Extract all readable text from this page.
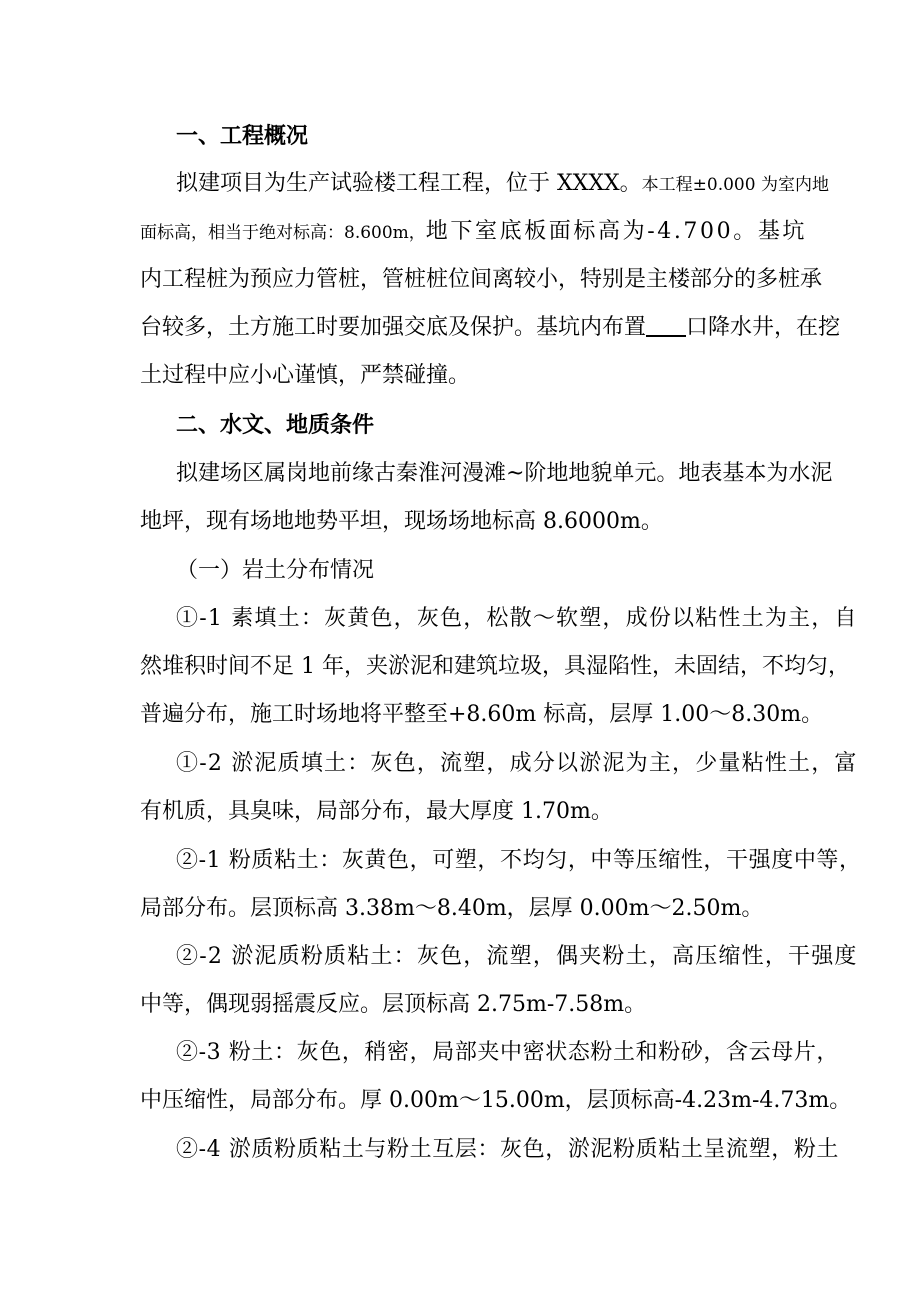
一、工程概况
拟建项目为生产试验楼工程工程，位于 XXXX。本工程±0.000 为室内地
面标高，相当于绝对标高：8.600m，地下室底板面标高为-4.700。基坑
内工程桩为预应力管桩，管桩桩位间离较小，特别是主楼部分的多桩承
台较多，土方施工时要加强交底及保护。基坑内布置 口降水井，在挖
土过程中应小心谨慎，严禁碰撞。
二、水文、地质条件
拟建场区属岗地前缘古秦淮河漫滩~阶地地貌单元。地表基本为水泥
地坪，现有场地地势平坦，现场场地标高 8.6000m。
（一）岩土分布情况
①-1 素填土：灰黄色，灰色，松散～软塑，成份以粘性土为主，自
然堆积时间不足 1 年，夹淤泥和建筑垃圾，具湿陷性，未固结，不均匀，
普遍分布，施工时场地将平整至+8.60m 标高，层厚 1.00～8.30m。
①-2 淤泥质填土：灰色，流塑，成分以淤泥为主，少量粘性土，富
有机质，具臭味，局部分布，最大厚度 1.70m。
②-1 粉质粘土：灰黄色，可塑，不均匀，中等压缩性，干强度中等，
局部分布。层顶标高 3.38m～8.40m，层厚 0.00m～2.50m。
②-2 淤泥质粉质粘土：灰色，流塑，偶夹粉土，高压缩性，干强度
中等，偶现弱摇震反应。层顶标高 2.75m-7.58m。
②-3 粉土：灰色，稍密，局部夹中密状态粉土和粉砂，含云母片，
中压缩性，局部分布。厚 0.00m～15.00m，层顶标高-4.23m-4.73m。
②-4 淤质粉质粘土与粉土互层：灰色，淤泥粉质粘土呈流塑，粉土
